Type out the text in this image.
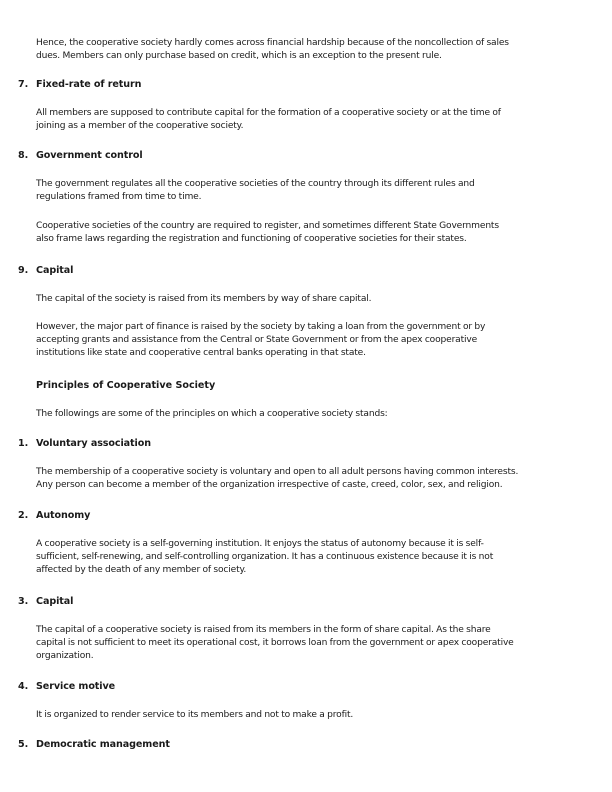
Hence, the cooperative society hardly comes across financial hardship because of the noncollection of sales
dues. Members can only purchase based on credit, which is an exception to the present rule.
7. Fixed-rate of return
All members are supposed to contribute capital for the formation of a cooperative society or at the time of
joining as a member of the cooperative society.
8. Government control
The government regulates all the cooperative societies of the country through its different rules and
regulations framed from time to time.
Cooperative societies of the country are required to register, and sometimes different State Governments
also frame laws regarding the registration and functioning of cooperative societies for their states.
9. Capital
The capital of the society is raised from its members by way of share capital.
However, the major part of finance is raised by the society by taking a loan from the government or by
accepting grants and assistance from the Central or State Government or from the apex cooperative
institutions like state and cooperative central banks operating in that state.
Principles of Cooperative Society
The followings are some of the principles on which a cooperative society stands:
1. Voluntary association
The membership of a cooperative society is voluntary and open to all adult persons having common interests.
Any person can become a member of the organization irrespective of caste, creed, color, sex, and religion.
2. Autonomy
A cooperative society is a self-governing institution. It enjoys the status of autonomy because it is self-
sufficient, self-renewing, and self-controlling organization. It has a continuous existence because it is not
affected by the death of any member of society.
3. Capital
The capital of a cooperative society is raised from its members in the form of share capital. As the share
capital is not sufficient to meet its operational cost, it borrows loan from the government or apex cooperative
organization.
4. Service motive
It is organized to render service to its members and not to make a profit.
5. Democratic management
